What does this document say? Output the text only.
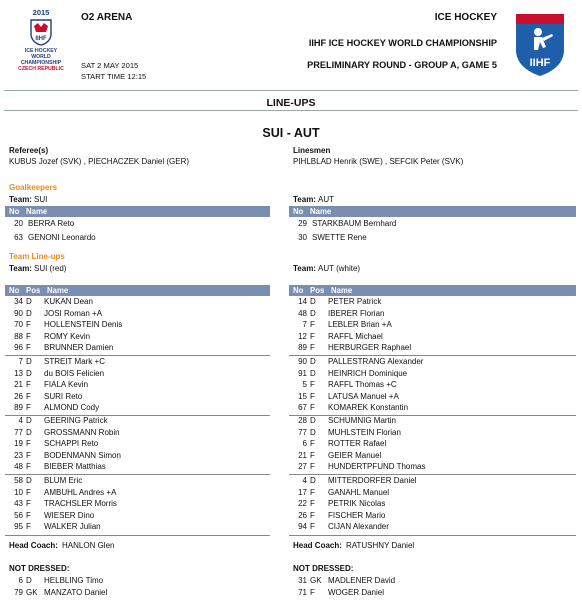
2015
IIHF
ICE HOCKEY
WORLD
CHAMPIONSHIP
CZECH REPUBLIC
O2 ARENA
SAT 2 MAY 2015
START TIME 12:15
ICE HOCKEY
IIHF ICE HOCKEY WORLD CHAMPIONSHIP
PRELIMINARY ROUND - GROUP A, GAME 5	IIHF
LINE-UPS
SUI - AUT
Referee(s)
KUBUS Jozef (SVK) , PIECHACZEK Daniel (GER)
Linesmen
PIHLBLAD Henrik (SWE) , SEFCIK Peter (SVK)
Goalkeepers
Team: SUI	Team: AUT
No Name	No Name
20 BERRA Reto
63 GENONI Leonardo
29 STARKBAUM Bernhard
30 SWETTE Rene
Team Line-ups
Team: SUI (red)	Team: AUT (white)
No Pos Name	No Pos Name
34 D KUKAN Dean
90 D JOSI Roman +A
70 F HOLLENSTEIN Denis
88 F ROMY Kevin
96 F BRUNNER Damien
7 D STREIT Mark +C
13 D du BOIS Felicien
21 F FIALA Kevin
26 F SURI Reto
89 F ALMOND Cody
4 D GEERING Patrick
77 D GROSSMANN Robin
19 F SCHAPPI Reto
23 F BODENMANN Simon
48 F BIEBER Matthias
58 D BLUM Eric
10 F AMBUHL Andres +A
43 F TRACHSLER Morris
56 F WIESER Dino
95 F WALKER Julian
14 D PETER Patrick
48 D IBERER Florian
7 F LEBLER Brian +A
12 F RAFFL Michael
89 F HERBURGER Raphael
90 D PALLESTRANG Alexander
91 D HEINRICH Dominique
5 F RAFFL Thomas +C
15 F LATUSA Manuel +A
67 F KOMAREK Konstantin
28 D SCHUMNIG Martin
77 D MUHLSTEIN Florian
6 F ROTTER Rafael
21 F GEIER Manuel
27 F HUNDERTPFUND Thomas
4 D MITTERDORFER Daniel
17 F GANAHL Manuel
22 F PETRIK Nicolas
26 F FISCHER Mario
94 F CIJAN Alexander
Head Coach: HANLON Glen	Head Coach: RATUSHNY Daniel
NOT DRESSED:	NOT DRESSED:
6 D HELBLING Timo
79 GK MANZATO Daniel
31 GK MADLENER David
71 F WOGER Daniel
